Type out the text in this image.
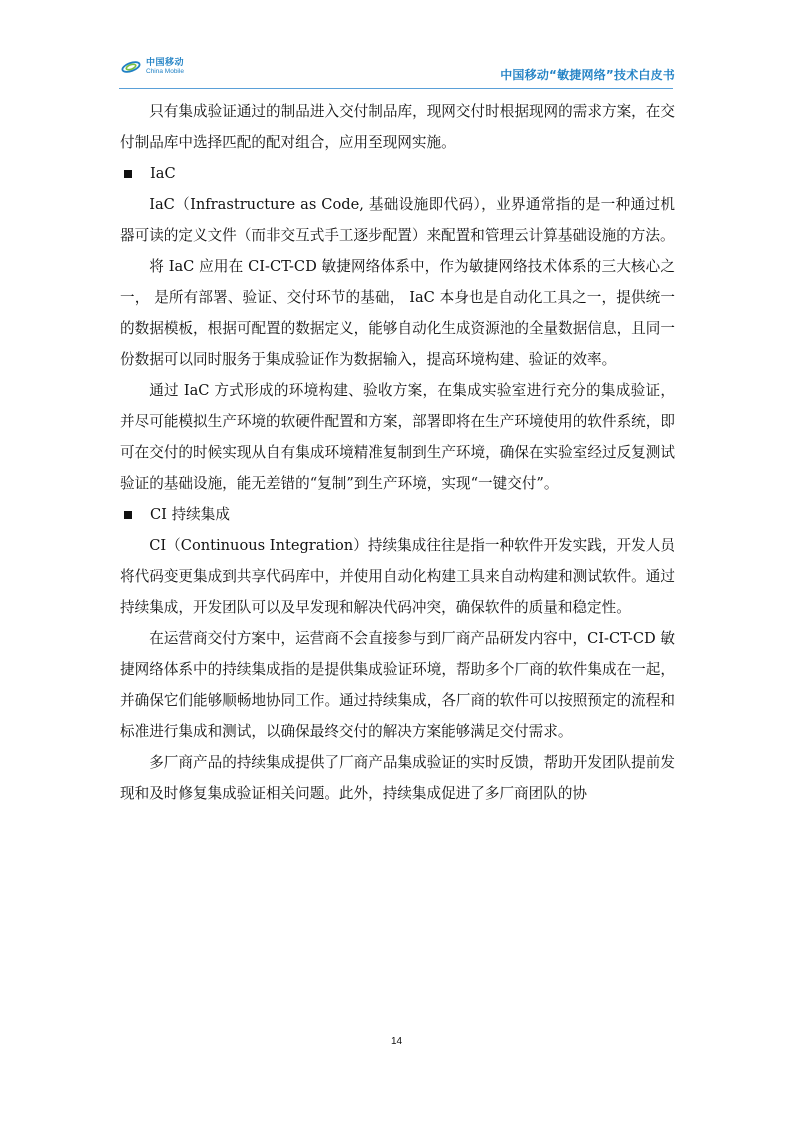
中国移动
China Mobile	中国移动“敏捷网络”技术白皮书

只有集成验证通过的制品进入交付制品库，现网交付时根据现网的需求方案，在交付制品库中选择匹配的配对组合，应用至现网实施。

IaC

IaC（Infrastructure as Code, 基础设施即代码），业界通常指的是一种通过机器可读的定义文件（而非交互式手工逐步配置）来配置和管理云计算基础设施的方法。

将 IaC 应用在 CI-CT-CD 敏捷网络体系中，作为敏捷网络技术体系的三大核心之一， 是所有部署、验证、交付环节的基础， IaC 本身也是自动化工具之一，提供统一的数据模板，根据可配置的数据定义，能够自动化生成资源池的全量数据信息，且同一份数据可以同时服务于集成验证作为数据输入，提高环境构建、验证的效率。

通过 IaC 方式形成的环境构建、验收方案，在集成实验室进行充分的集成验证，并尽可能模拟生产环境的软硬件配置和方案，部署即将在生产环境使用的软件系统，即可在交付的时候实现从自有集成环境精准复制到生产环境，确保在实验室经过反复测试验证的基础设施，能无差错的“复制”到生产环境，实现“一键交付”。

CI 持续集成

CI（Continuous Integration）持续集成往往是指一种软件开发实践，开发人员将代码变更集成到共享代码库中，并使用自动化构建工具来自动构建和测试软件。通过持续集成，开发团队可以及早发现和解决代码冲突，确保软件的质量和稳定性。

在运营商交付方案中，运营商不会直接参与到厂商产品研发内容中，CI-CT-CD 敏捷网络体系中的持续集成指的是提供集成验证环境，帮助多个厂商的软件集成在一起，并确保它们能够顺畅地协同工作。通过持续集成，各厂商的软件可以按照预定的流程和标准进行集成和测试，以确保最终交付的解决方案能够满足交付需求。

多厂商产品的持续集成提供了厂商产品集成验证的实时反馈，帮助开发团队提前发现和及时修复集成验证相关问题。此外，持续集成促进了多厂商团队的协

14
